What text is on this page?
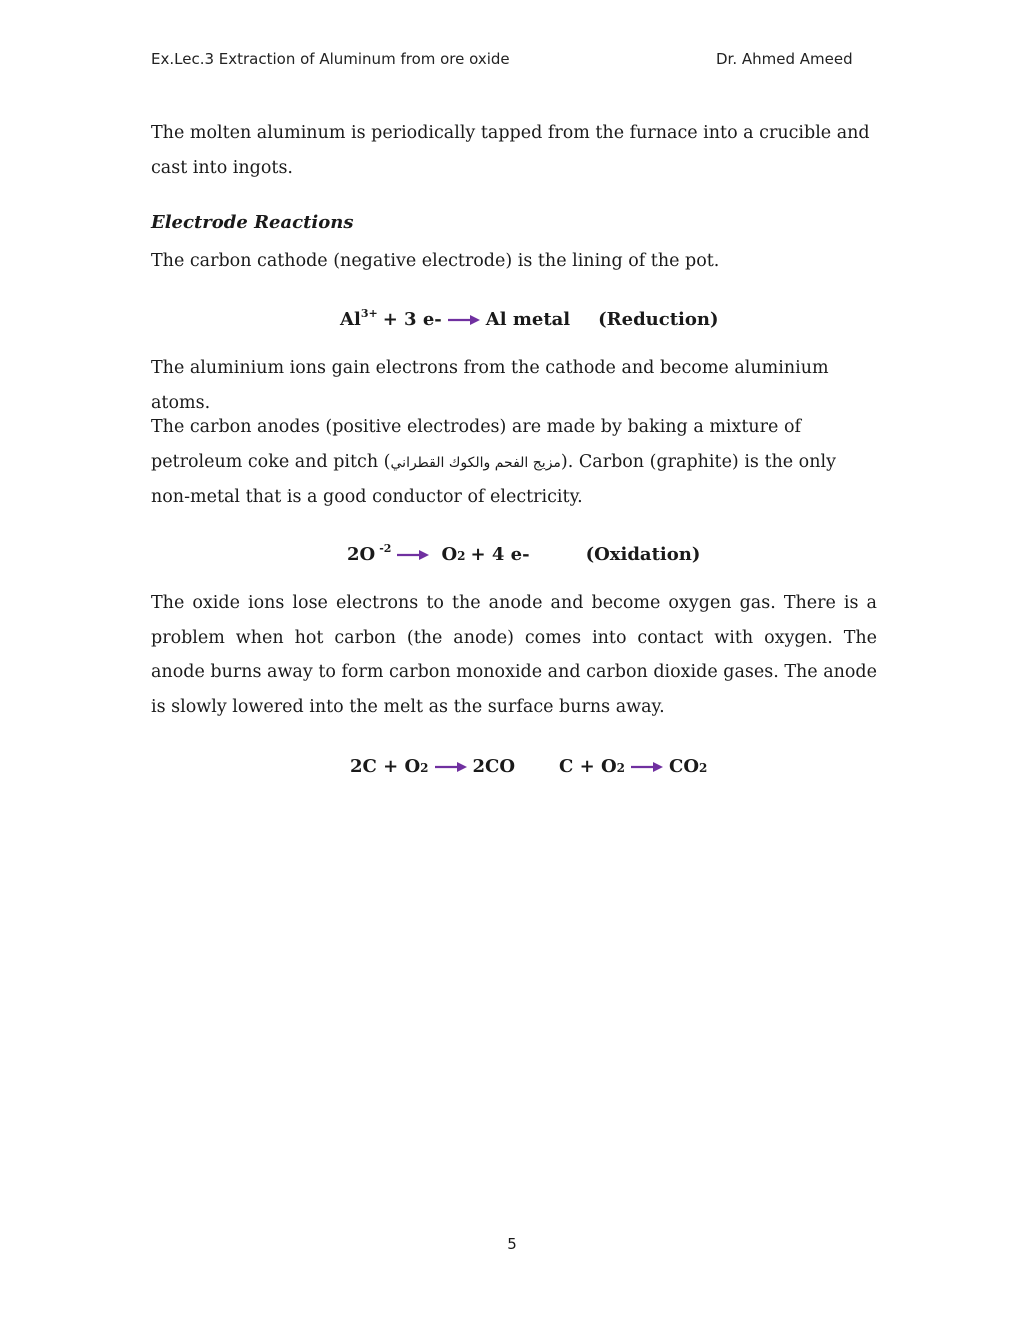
Ex.Lec.3 Extraction of Aluminum from ore oxide	Dr. Ahmed Ameed

The molten aluminum is periodically tapped from the furnace into a crucible and cast into ingots.

Electrode Reactions

The carbon cathode (negative electrode) is the lining of the pot.

$Al^{3+} + 3$ e- Al metal (Reduction)

The aluminium ions gain electrons from the cathode and become aluminium atoms.

The carbon anodes (positive electrodes) are made by baking a mixture of petroleum coke and pitch (مزيج الفحم والكوك القطراني). Carbon (graphite) is the only non-metal that is a good conductor of electricity.

2O $^{-2}$	O 2 + 4 e-	(Oxidation)

The oxide ions lose electrons to the anode and become oxygen gas. There is a problem when hot carbon (the anode) comes into contact with oxygen. The anode burns away to form carbon monoxide and carbon dioxide gases. The anode is slowly lowered into the melt as the surface burns away.

2C + O 2 2CO C + O 2 CO 2
5
